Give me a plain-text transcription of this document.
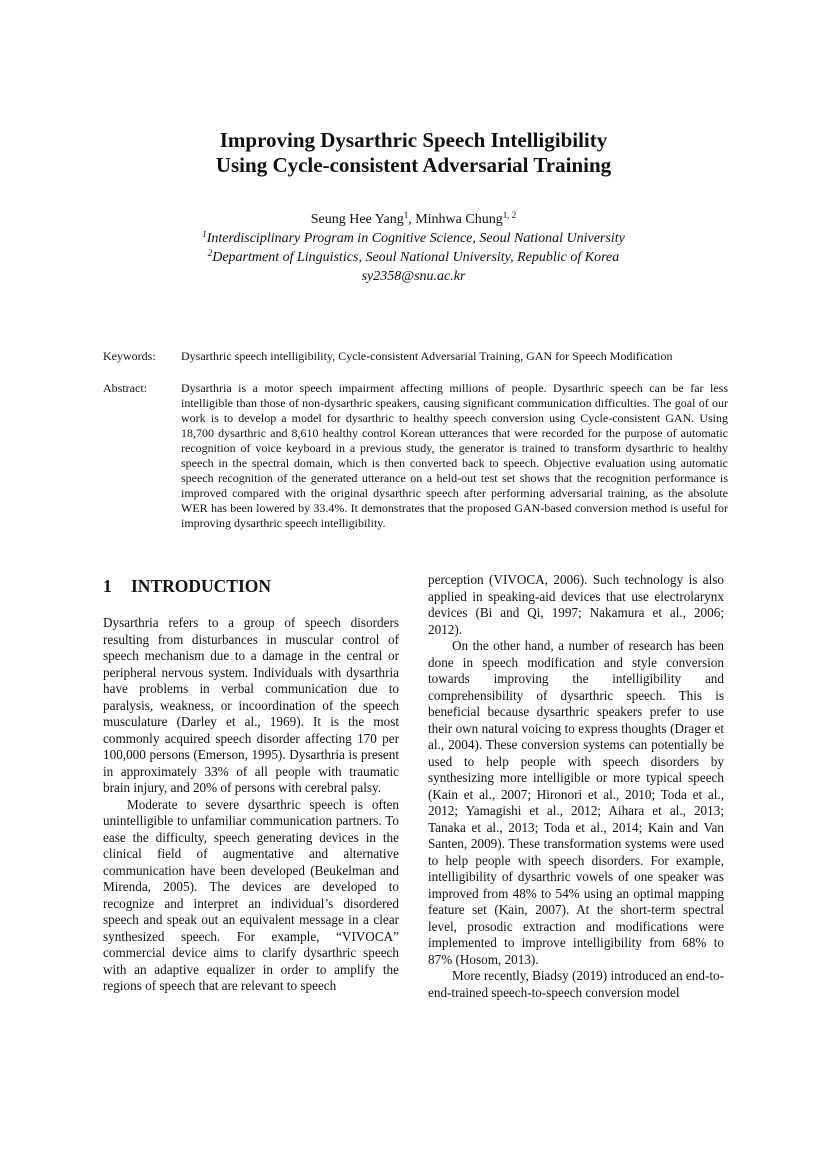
Improving Dysarthric Speech Intelligibility
Using Cycle-consistent Adversarial Training
Seung Hee Yang$^1$, Minhwa Chung$^{1, 2}$
$^1$Interdisciplinary Program in Cognitive Science, Seoul National University
$^2$Department of Linguistics, Seoul National University, Republic of Korea
sy2358@snu.ac.kr
Keywords:	Dysarthric speech intelligibility, Cycle-consistent Adversarial Training, GAN for Speech Modification
Abstract:	Dysarthria is a motor speech impairment affecting millions of people. Dysarthric speech can be far less intelligible than those of non-dysarthric speakers, causing significant communication difficulties. The goal of our work is to develop a model for dysarthric to healthy speech conversion using Cycle-consistent GAN. Using 18,700 dysarthric and 8,610 healthy control Korean utterances that were recorded for the purpose of automatic recognition of voice keyboard in a previous study, the generator is trained to transform dysarthric to healthy speech in the spectral domain, which is then converted back to speech. Objective evaluation using automatic speech recognition of the generated utterance on a held-out test set shows that the recognition performance is improved compared with the original dysarthric speech after performing adversarial training, as the absolute WER has been lowered by 33.4%. It demonstrates that the proposed GAN-based conversion method is useful for improving dysarthric speech intelligibility.
1 INTRODUCTION

Dysarthria refers to a group of speech disorders resulting from disturbances in muscular control of speech mechanism due to a damage in the central or peripheral nervous system. Individuals with dysarthria have problems in verbal communication due to paralysis, weakness, or incoordination of the speech musculature (Darley et al., 1969). It is the most commonly acquired speech disorder affecting 170 per 100,000 persons (Emerson, 1995). Dysarthria is present in approximately 33% of all people with traumatic brain injury, and 20% of persons with cerebral palsy.

Moderate to severe dysarthric speech is often unintelligible to unfamiliar communication partners. To ease the difficulty, speech generating devices in the clinical field of augmentative and alternative communication have been developed (Beukelman and Mirenda, 2005). The devices are developed to recognize and interpret an individual’s disordered speech and speak out an equivalent message in a clear synthesized speech. For example, “VIVOCA” commercial device aims to clarify dysarthric speech with an adaptive equalizer in order to amplify the regions of speech that are relevant to speech

perception (VIVOCA, 2006). Such technology is also applied in speaking-aid devices that use electrolarynx devices (Bi and Qi, 1997; Nakamura et al., 2006; 2012).

On the other hand, a number of research has been done in speech modification and style conversion towards improving the intelligibility and comprehensibility of dysarthric speech. This is beneficial because dysarthric speakers prefer to use their own natural voicing to express thoughts (Drager et al., 2004). These conversion systems can potentially be used to help people with speech disorders by synthesizing more intelligible or more typical speech (Kain et al., 2007; Hironori et al., 2010; Toda et al., 2012; Yamagishi et al., 2012; Aihara et al., 2013; Tanaka et al., 2013; Toda et al., 2014; Kain and Van Santen, 2009). These transformation systems were used to help people with speech disorders. For example, intelligibility of dysarthric vowels of one speaker was improved from 48% to 54% using an optimal mapping feature set (Kain, 2007). At the short-term spectral level, prosodic extraction and modifications were implemented to improve intelligibility from 68% to 87% (Hosom, 2013).

More recently, Biadsy (2019) introduced an end-to-end-trained speech-to-speech conversion model
